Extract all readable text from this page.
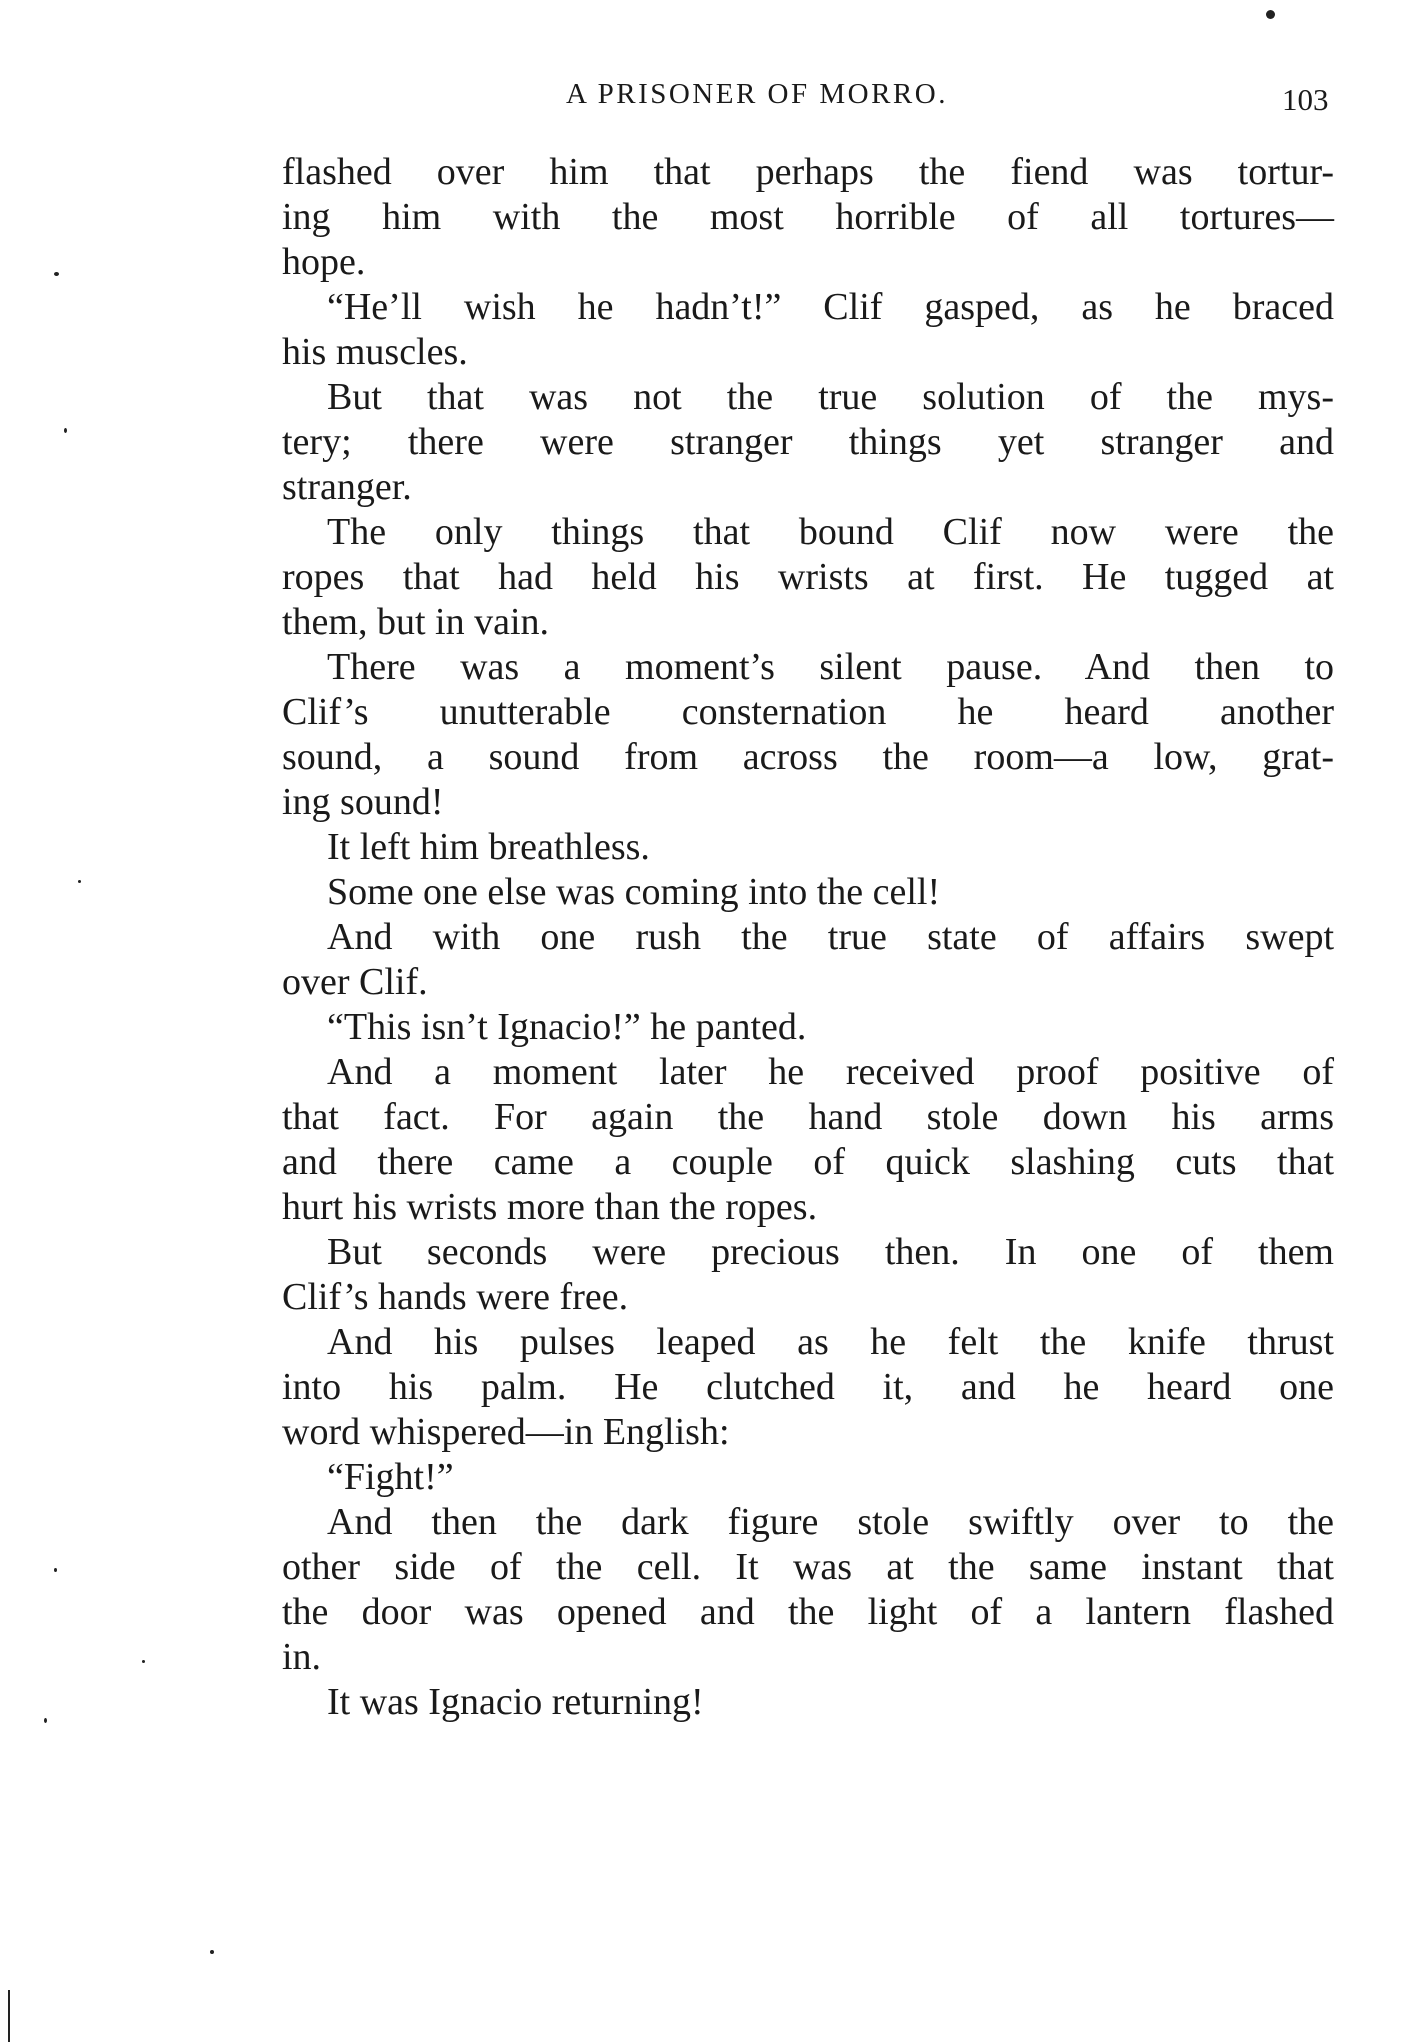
A PRISONER OF MORRO.	103
flashed over him that perhaps the fiend was tortur-
ing him with the most horrible of all tortures—
hope.
“He’ll wish he hadn’t!” Clif gasped, as he braced
his muscles.
But that was not the true solution of the mys-
tery; there were stranger things yet stranger and
stranger.
The only things that bound Clif now were the
ropes that had held his wrists at first. He tugged at
them, but in vain.
There was a moment’s silent pause. And then to
Clif’s unutterable consternation he heard another
sound, a sound from across the room—a low, grat-
ing sound!
It left him breathless.
Some one else was coming into the cell!
And with one rush the true state of affairs swept
over Clif.
“This isn’t Ignacio!” he panted.
And a moment later he received proof positive of
that fact. For again the hand stole down his arms
and there came a couple of quick slashing cuts that
hurt his wrists more than the ropes.
But seconds were precious then. In one of them
Clif’s hands were free.
And his pulses leaped as he felt the knife thrust
into his palm. He clutched it, and he heard one
word whispered—in English:
“Fight!”
And then the dark figure stole swiftly over to the
other side of the cell. It was at the same instant that
the door was opened and the light of a lantern flashed
in.
It was Ignacio returning!
